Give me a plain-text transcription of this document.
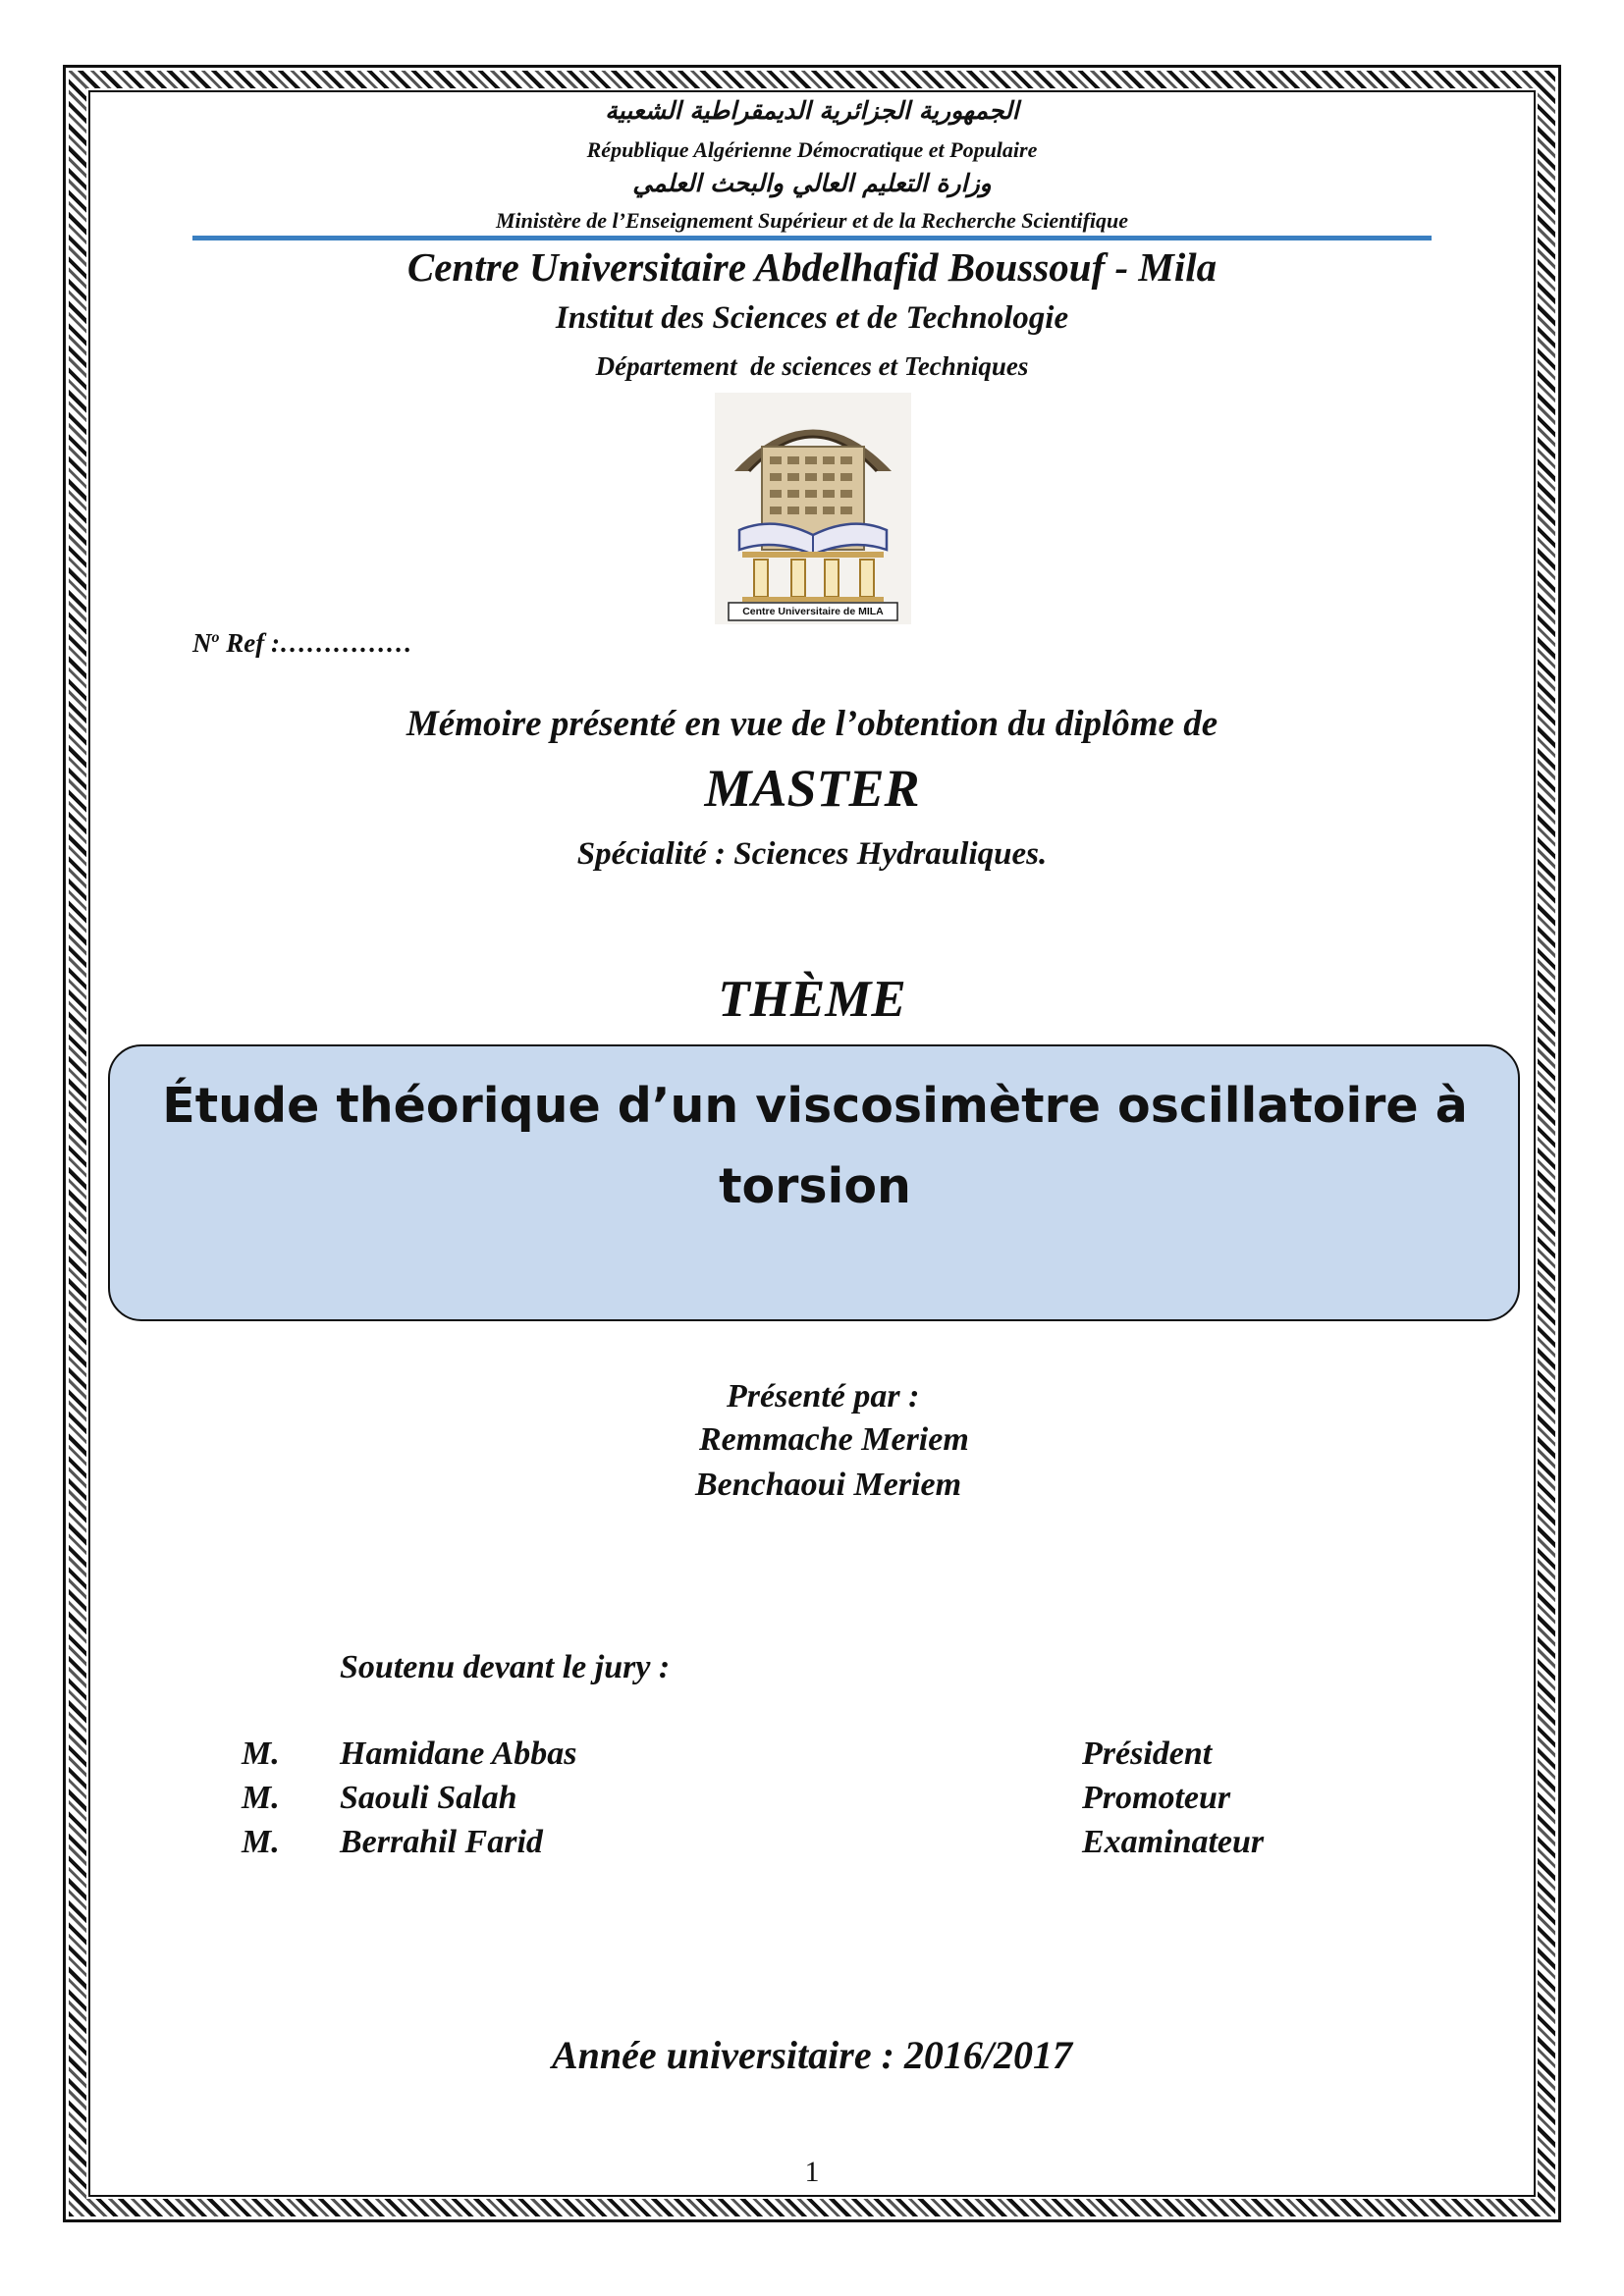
الجمهورية الجزائرية الديمقراطية الشعبية
République Algérienne Démocratique et Populaire
وزارة التعليم العالي والبحث العلمي
Ministère de l’Enseignement Supérieur et de la Recherche Scientifique
Centre Universitaire Abdelhafid Boussouf - Mila
Institut des Sciences et de Technologie
Département  de sciences et Techniques
Centre Universitaire de MILA
$N^o$ Ref :……………
Mémoire présenté en vue de l’obtention du diplôme de
MASTER
Spécialité : Sciences Hydrauliques.
THÈME
Étude théorique d’un viscosimètre oscillatoire à
torsion
Présenté par :
Remmache Meriem
Benchaoui Meriem
Soutenu devant le jury :
M. Hamidane Abbas	Président
M. Saouli Salah	Promoteur
M. Berrahil Farid	Examinateur
Année universitaire : 2016/2017
1
